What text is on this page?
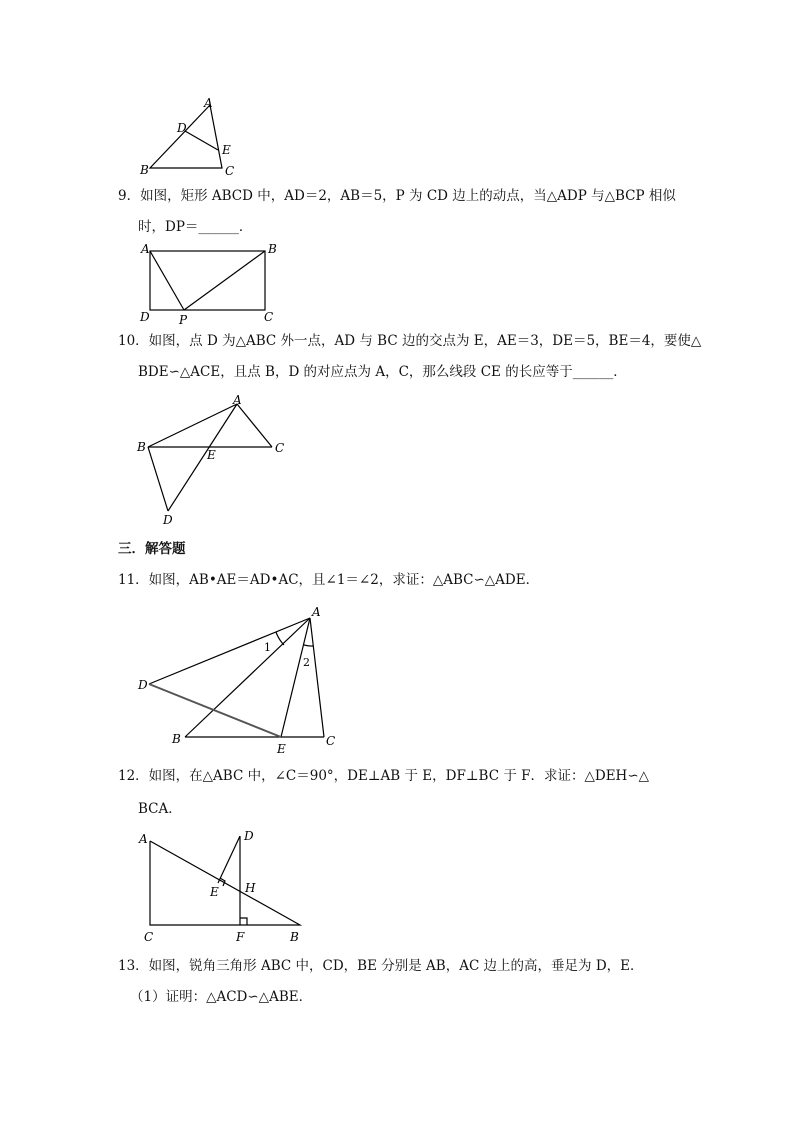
A
D
E
B	C
9．如图，矩形 ABCD 中，AD＝2，AB＝5，P 为 CD 边上的动点，当△ADP 与△BCP 相似
时，DP＝______．
A	B
D P	C
10．如图，点 D 为△ABC 外一点，AD 与 BC 边的交点为 E，AE＝3，DE＝5，BE＝4，要使△
BDE∽△ACE，且点 B，D 的对应点为 A，C，那么线段 CE 的长应等于______．
A
B	C
E
D
三．解答题
11．如图，AB•AE＝AD•AC，且∠1＝∠2，求证：△ABC∽△ADE．
A
D
B
E
C
1
2
12．如图，在△ABC 中，∠C＝90°，DE⊥AB 于 E，DF⊥BC 于 F．求证：△DEH∽△
BCA．
A	D
E H
C	F	B
13．如图，锐角三角形 ABC 中，CD，BE 分别是 AB，AC 边上的高，垂足为 D，E．
（1）证明：△ACD∽△ABE．
